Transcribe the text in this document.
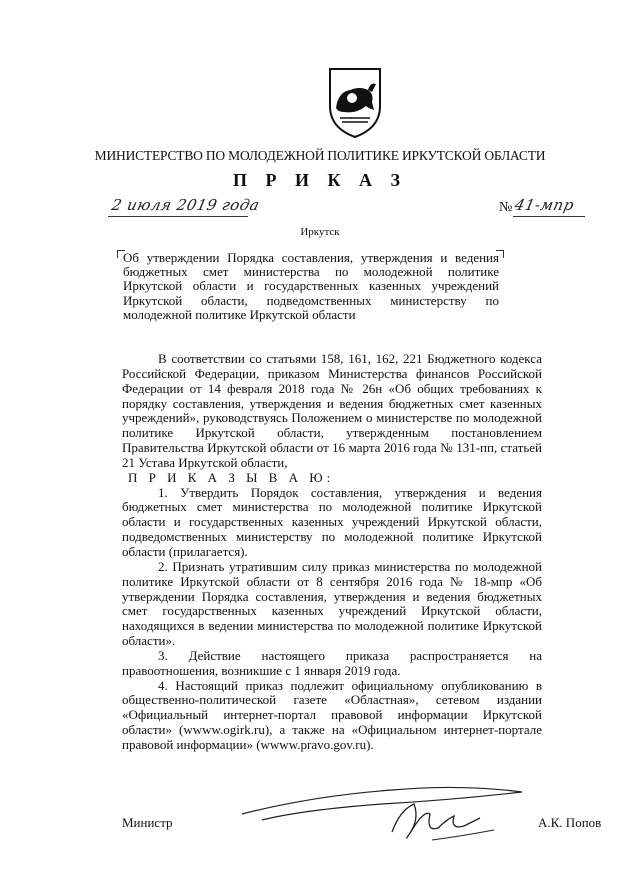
МИНИСТЕРСТВО ПО МОЛОДЕЖНОЙ ПОЛИТИКЕ ИРКУТСКОЙ ОБЛАСТИ
П Р И К А З
2 июля 2019 года	№ 41-мпр
Иркутск
Об утверждении Порядка составления, утверждения и ведения бюджетных смет министерства по молодежной политике Иркутской области и государственных казенных учреждений Иркутской области, подведомственных министерству по молодежной политике Иркутской области

В соответствии со статьями 158, 161, 162, 221 Бюджетного кодекса Российской Федерации, приказом Министерства финансов Российской Федерации от 14 февраля 2018 года № 26н «Об общих требованиях к порядку составления, утверждения и ведения бюджетных смет казенных учреждений», руководствуясь Положением о министерстве по молодежной политике Иркутской области, утвержденным постановлением Правительства Иркутской области от 16 марта 2016 года № 131-пп, статьей 21 Устава Иркутской области,

П Р И К А З Ы В А Ю:

1. Утвердить Порядок составления, утверждения и ведения бюджетных смет министерства по молодежной политике Иркутской области и государственных казенных учреждений Иркутской области, подведомственных министерству по молодежной политике Иркутской области (прилагается).

2. Признать утратившим силу приказ министерства по молодежной политике Иркутской области от 8 сентября 2016 года № 18-мпр «Об утверждении Порядка составления, утверждения и ведения бюджетных смет государственных казенных учреждений Иркутской области, находящихся в ведении министерства по молодежной политике Иркутской области».

3. Действие настоящего приказа распространяется на правоотношения, возникшие с 1 января 2019 года.

4. Настоящий приказ подлежит официальному опубликованию в общественно-политической газете «Областная», сетевом издании «Официальный интернет-портал правовой информации Иркутской области» (wwww.ogirk.ru), а также на «Официальном интернет-портале правовой информации» (wwww.pravo.gov.ru).

Министр	А.К. Попов
